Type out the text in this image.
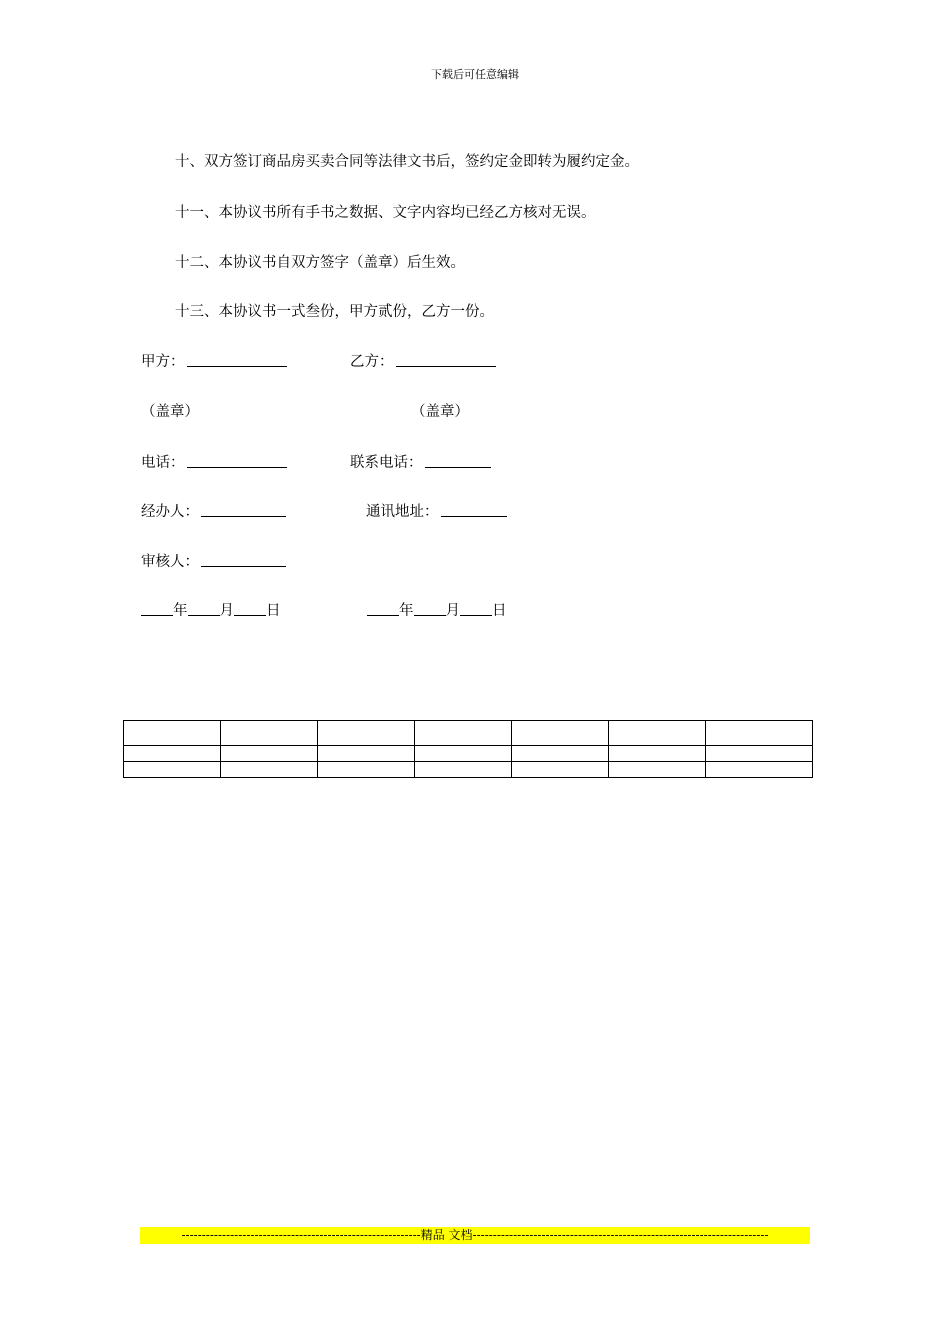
下载后可任意编辑
十、双方签订商品房买卖合同等法律文书后，签约定金即转为履约定金。
十一、本协议书所有手书之数据、文字内容均已经乙方核对无误。
十二、本协议书自双方签字（盖章）后生效。
十三、本协议书一式叁份，甲方贰份，乙方一份。
甲方：	乙方：
（盖章）	（盖章）
电话：	联系电话：
经办人：	通讯地址：
审核人：
年 月 日	年 月 日

-----------------------------------------------------------精品 文档-------------------------------------------------------------------------
